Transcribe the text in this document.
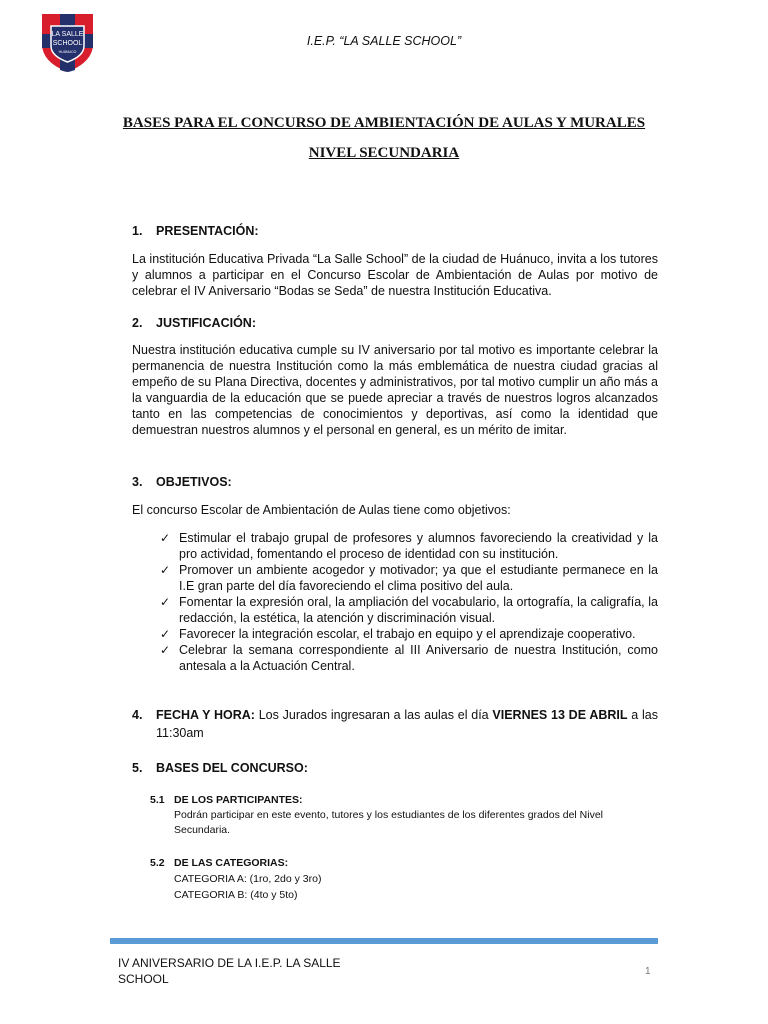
LA SALLE
SCHOOL
HUÁNUCO
I.E.P. “LA SALLE SCHOOL”
BASES PARA EL CONCURSO DE AMBIENTACIÓN DE AULAS Y MURALES
NIVEL SECUNDARIA
1. PRESENTACIÓN:
La institución Educativa Privada “La Salle School” de la ciudad de Huánuco, invita a los tutores y alumnos a participar en el Concurso Escolar de Ambientación de Aulas por motivo de celebrar el IV Aniversario “Bodas se Seda” de nuestra Institución Educativa.
2. JUSTIFICACIÓN:
Nuestra institución educativa cumple su IV aniversario por tal motivo es importante celebrar la permanencia de nuestra Institución como la más emblemática de nuestra ciudad gracias al empeño de su Plana Directiva, docentes y administrativos, por tal motivo cumplir un año más a la vanguardia de la educación que se puede apreciar a través de nuestros logros alcanzados tanto en las competencias de conocimientos y deportivas, así como la identidad que demuestran nuestros alumnos y el personal en general, es un mérito de imitar.
3. OBJETIVOS:
El concurso Escolar de Ambientación de Aulas tiene como objetivos:
✓ Estimular el trabajo grupal de profesores y alumnos favoreciendo la creatividad y la pro actividad, fomentando el proceso de identidad con su institución.
✓ Promover un ambiente acogedor y motivador; ya que el estudiante permanece en la I.E gran parte del día favoreciendo el clima positivo del aula.
✓ Fomentar la expresión oral, la ampliación del vocabulario, la ortografía, la caligrafía, la redacción, la estética, la atención y discriminación visual.
✓ Favorecer la integración escolar, el trabajo en equipo y el aprendizaje cooperativo.
✓ Celebrar la semana correspondiente al III Aniversario de nuestra Institución, como antesala a la Actuación Central.
4. FECHA Y HORA: Los Jurados ingresaran a las aulas el día VIERNES 13 DE ABRIL a las 11:30am
5. BASES DEL CONCURSO:
5.1 DE LOS PARTICIPANTES:
Podrán participar en este evento, tutores y los estudiantes de los diferentes grados del Nivel Secundaria.
5.2 DE LAS CATEGORIAS:
CATEGORIA A: (1ro, 2do y 3ro)
CATEGORIA B: (4to y 5to)
IV ANIVERSARIO DE LA I.E.P. LA SALLE SCHOOL
1
